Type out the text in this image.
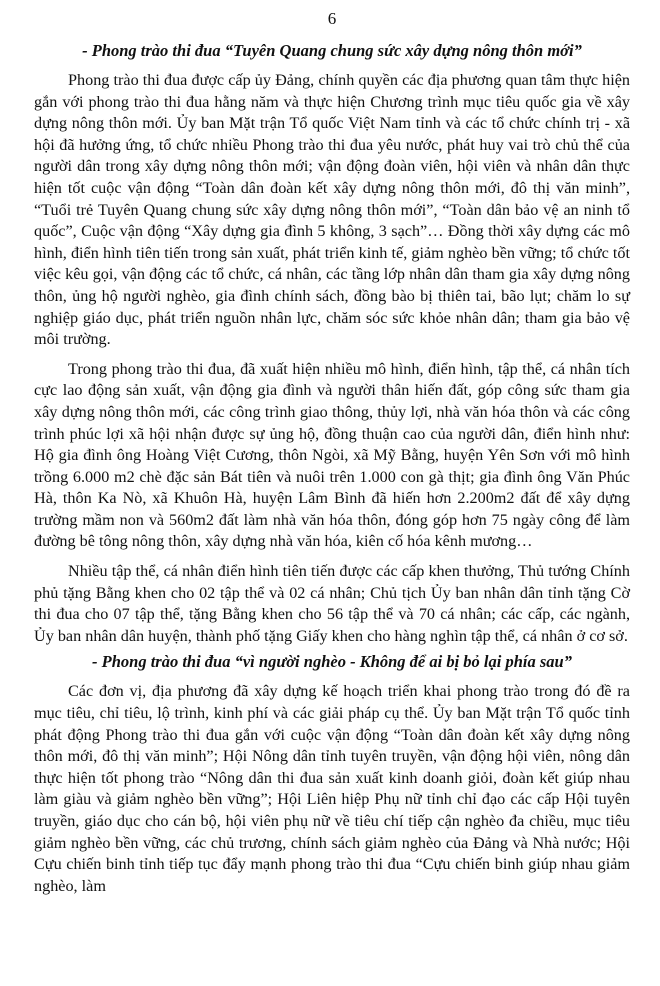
6
- Phong trào thi đua “Tuyên Quang chung sức xây dựng nông thôn mới”

Phong trào thi đua được cấp ủy Đảng, chính quyền các địa phương quan tâm thực hiện gắn với phong trào thi đua hằng năm và thực hiện Chương trình mục tiêu quốc gia về xây dựng nông thôn mới. Ủy ban Mặt trận Tổ quốc Việt Nam tỉnh và các tổ chức chính trị - xã hội đã hưởng ứng, tổ chức nhiều Phong trào thi đua yêu nước, phát huy vai trò chủ thể của người dân trong xây dựng nông thôn mới; vận động đoàn viên, hội viên và nhân dân thực hiện tốt cuộc vận động “Toàn dân đoàn kết xây dựng nông thôn mới, đô thị văn minh”, “Tuổi trẻ Tuyên Quang chung sức xây dựng nông thôn mới”, “Toàn dân bảo vệ an ninh tổ quốc”, Cuộc vận động “Xây dựng gia đình 5 không, 3 sạch”… Đồng thời xây dựng các mô hình, điển hình tiên tiến trong sản xuất, phát triển kinh tế, giảm nghèo bền vững; tổ chức tốt việc kêu gọi, vận động các tổ chức, cá nhân, các tầng lớp nhân dân tham gia xây dựng nông thôn, ủng hộ người nghèo, gia đình chính sách, đồng bào bị thiên tai, bão lụt; chăm lo sự nghiệp giáo dục, phát triển nguồn nhân lực, chăm sóc sức khỏe nhân dân; tham gia bảo vệ môi trường.

Trong phong trào thi đua, đã xuất hiện nhiều mô hình, điển hình, tập thể, cá nhân tích cực lao động sản xuất, vận động gia đình và người thân hiến đất, góp công sức tham gia xây dựng nông thôn mới, các công trình giao thông, thủy lợi, nhà văn hóa thôn và các công trình phúc lợi xã hội nhận được sự ủng hộ, đồng thuận cao của người dân, điển hình như: Hộ gia đình ông Hoàng Việt Cương, thôn Ngòi, xã Mỹ Bằng, huyện Yên Sơn với mô hình trồng 6.000 m2 chè đặc sản Bát tiên và nuôi trên 1.000 con gà thịt; gia đình ông Văn Phúc Hà, thôn Ka Nò, xã Khuôn Hà, huyện Lâm Bình đã hiến hơn 2.200m2 đất để xây dựng trường mầm non và 560m2 đất làm nhà văn hóa thôn, đóng góp hơn 75 ngày công để làm đường bê tông nông thôn, xây dựng nhà văn hóa, kiên cố hóa kênh mương…

Nhiều tập thể, cá nhân điển hình tiên tiến được các cấp khen thưởng, Thủ tướng Chính phủ tặng Bằng khen cho 02 tập thể và 02 cá nhân; Chủ tịch Ủy ban nhân dân tỉnh tặng Cờ thi đua cho 07 tập thể, tặng Bằng khen cho 56 tập thể và 70 cá nhân; các cấp, các ngành, Ủy ban nhân dân huyện, thành phố tặng Giấy khen cho hàng nghìn tập thể, cá nhân ở cơ sở.

- Phong trào thi đua “vì người nghèo - Không để ai bị bỏ lại phía sau”

Các đơn vị, địa phương đã xây dựng kế hoạch triển khai phong trào trong đó đề ra mục tiêu, chỉ tiêu, lộ trình, kinh phí và các giải pháp cụ thể. Ủy ban Mặt trận Tổ quốc tỉnh phát động Phong trào thi đua gắn với cuộc vận động “Toàn dân đoàn kết xây dựng nông thôn mới, đô thị văn minh”; Hội Nông dân tỉnh tuyên truyền, vận động hội viên, nông dân thực hiện tốt phong trào “Nông dân thi đua sản xuất kinh doanh giỏi, đoàn kết giúp nhau làm giàu và giảm nghèo bền vững”; Hội Liên hiệp Phụ nữ tỉnh chỉ đạo các cấp Hội tuyên truyền, giáo dục cho cán bộ, hội viên phụ nữ về tiêu chí tiếp cận nghèo đa chiều, mục tiêu giảm nghèo bền vững, các chủ trương, chính sách giảm nghèo của Đảng và Nhà nước; Hội Cựu chiến binh tỉnh tiếp tục đẩy mạnh phong trào thi đua “Cựu chiến binh giúp nhau giảm nghèo, làm
